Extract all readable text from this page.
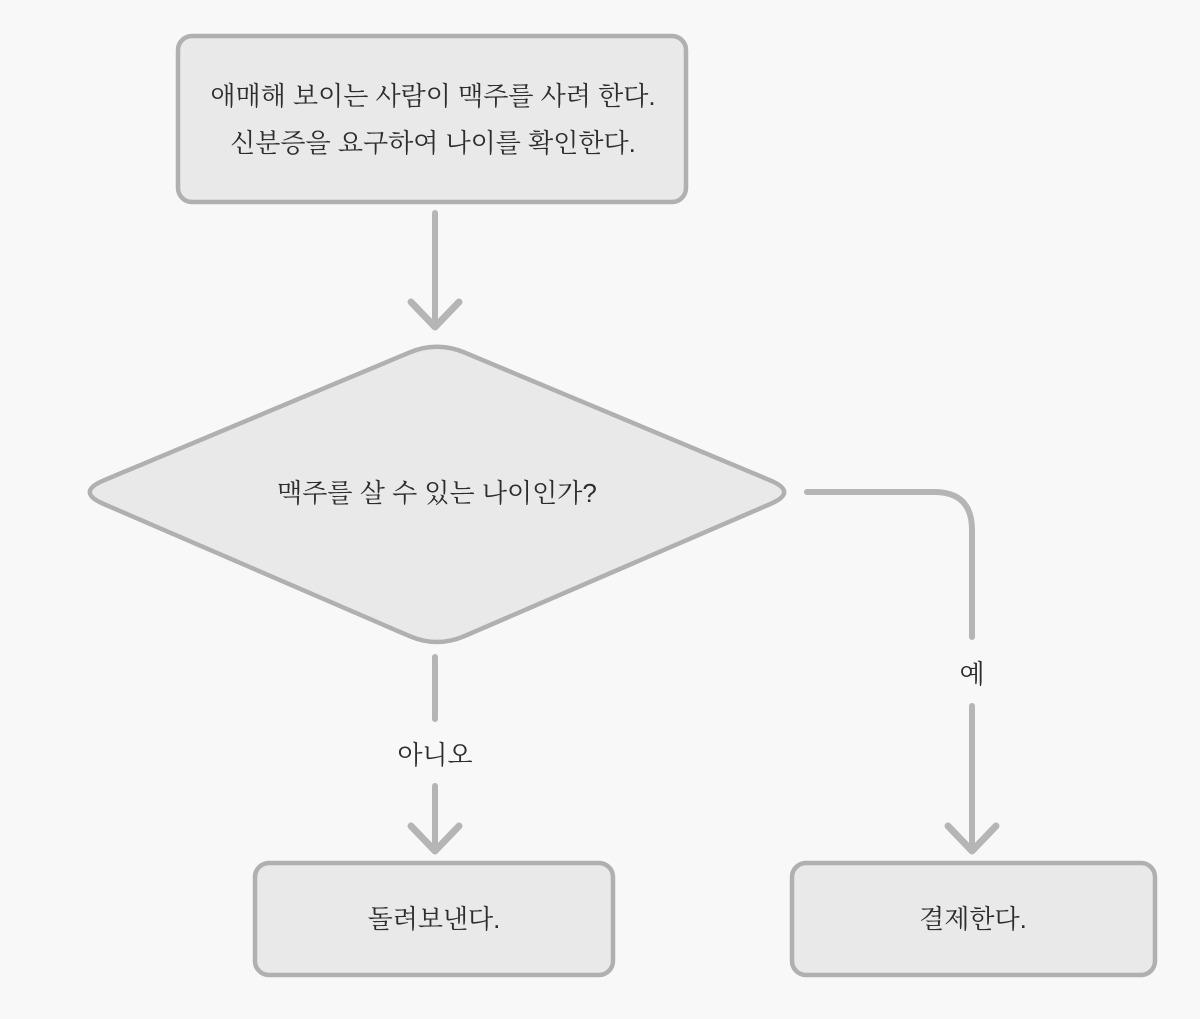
아니오
예
애매해 보이는 사람이 맥주를 사려 한다.
신분증을 요구하여 나이를 확인한다.
맥주를 살 수 있는 나이인가?
돌려보낸다.	결제한다.
